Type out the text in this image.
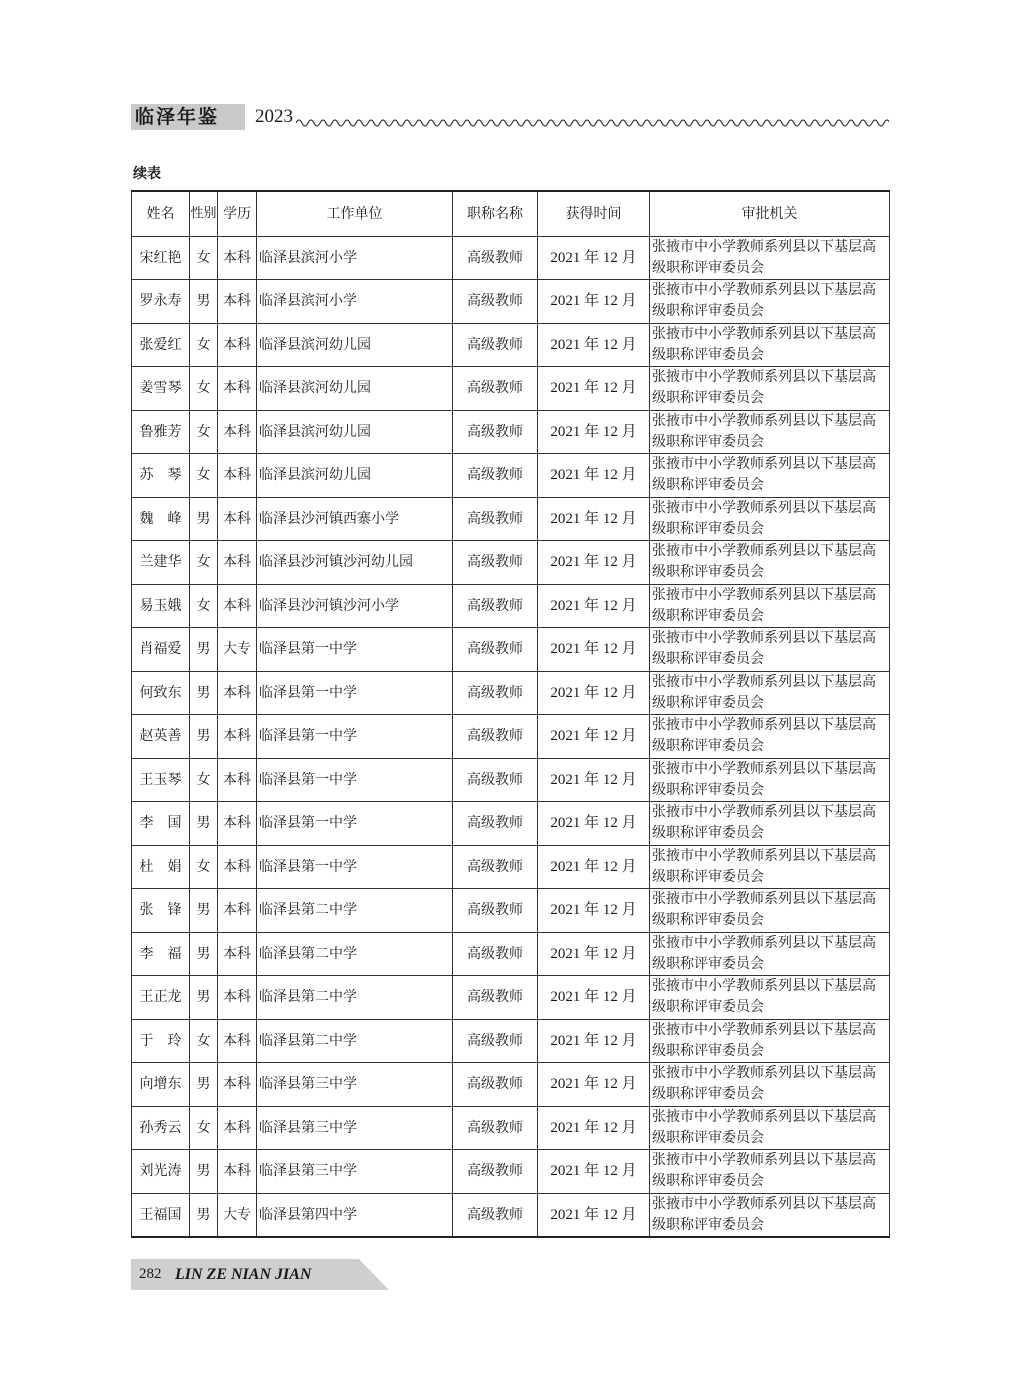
临泽年鉴	2023
续表
姓名	性别	学历	工作单位	职称名称	获得时间	审批机关
宋红艳	女	本科	临泽县滨河小学	高级教师	2021 年 12 月	张掖市中小学教师系列县以下基层高级职称评审委员会
罗永寿	男	本科	临泽县滨河小学	高级教师	2021 年 12 月	张掖市中小学教师系列县以下基层高级职称评审委员会
张爱红	女	本科	临泽县滨河幼儿园	高级教师	2021 年 12 月	张掖市中小学教师系列县以下基层高级职称评审委员会
姜雪琴	女	本科	临泽县滨河幼儿园	高级教师	2021 年 12 月	张掖市中小学教师系列县以下基层高级职称评审委员会
鲁雅芳	女	本科	临泽县滨河幼儿园	高级教师	2021 年 12 月	张掖市中小学教师系列县以下基层高级职称评审委员会
苏　琴	女	本科	临泽县滨河幼儿园	高级教师	2021 年 12 月	张掖市中小学教师系列县以下基层高级职称评审委员会
魏　峰	男	本科	临泽县沙河镇西寨小学	高级教师	2021 年 12 月	张掖市中小学教师系列县以下基层高级职称评审委员会
兰建华	女	本科	临泽县沙河镇沙河幼儿园	高级教师	2021 年 12 月	张掖市中小学教师系列县以下基层高级职称评审委员会
易玉娥	女	本科	临泽县沙河镇沙河小学	高级教师	2021 年 12 月	张掖市中小学教师系列县以下基层高级职称评审委员会
肖福爱	男	大专	临泽县第一中学	高级教师	2021 年 12 月	张掖市中小学教师系列县以下基层高级职称评审委员会
何致东	男	本科	临泽县第一中学	高级教师	2021 年 12 月	张掖市中小学教师系列县以下基层高级职称评审委员会
赵英善	男	本科	临泽县第一中学	高级教师	2021 年 12 月	张掖市中小学教师系列县以下基层高级职称评审委员会
王玉琴	女	本科	临泽县第一中学	高级教师	2021 年 12 月	张掖市中小学教师系列县以下基层高级职称评审委员会
李　国	男	本科	临泽县第一中学	高级教师	2021 年 12 月	张掖市中小学教师系列县以下基层高级职称评审委员会
杜　娟	女	本科	临泽县第一中学	高级教师	2021 年 12 月	张掖市中小学教师系列县以下基层高级职称评审委员会
张　锋	男	本科	临泽县第二中学	高级教师	2021 年 12 月	张掖市中小学教师系列县以下基层高级职称评审委员会
李　福	男	本科	临泽县第二中学	高级教师	2021 年 12 月	张掖市中小学教师系列县以下基层高级职称评审委员会
王正龙	男	本科	临泽县第二中学	高级教师	2021 年 12 月	张掖市中小学教师系列县以下基层高级职称评审委员会
于　玲	女	本科	临泽县第二中学	高级教师	2021 年 12 月	张掖市中小学教师系列县以下基层高级职称评审委员会
向增东	男	本科	临泽县第三中学	高级教师	2021 年 12 月	张掖市中小学教师系列县以下基层高级职称评审委员会
孙秀云	女	本科	临泽县第三中学	高级教师	2021 年 12 月	张掖市中小学教师系列县以下基层高级职称评审委员会
刘光涛	男	本科	临泽县第三中学	高级教师	2021 年 12 月	张掖市中小学教师系列县以下基层高级职称评审委员会
王福国	男	大专	临泽县第四中学	高级教师	2021 年 12 月	张掖市中小学教师系列县以下基层高级职称评审委员会
282 LIN ZE NIAN JIAN
